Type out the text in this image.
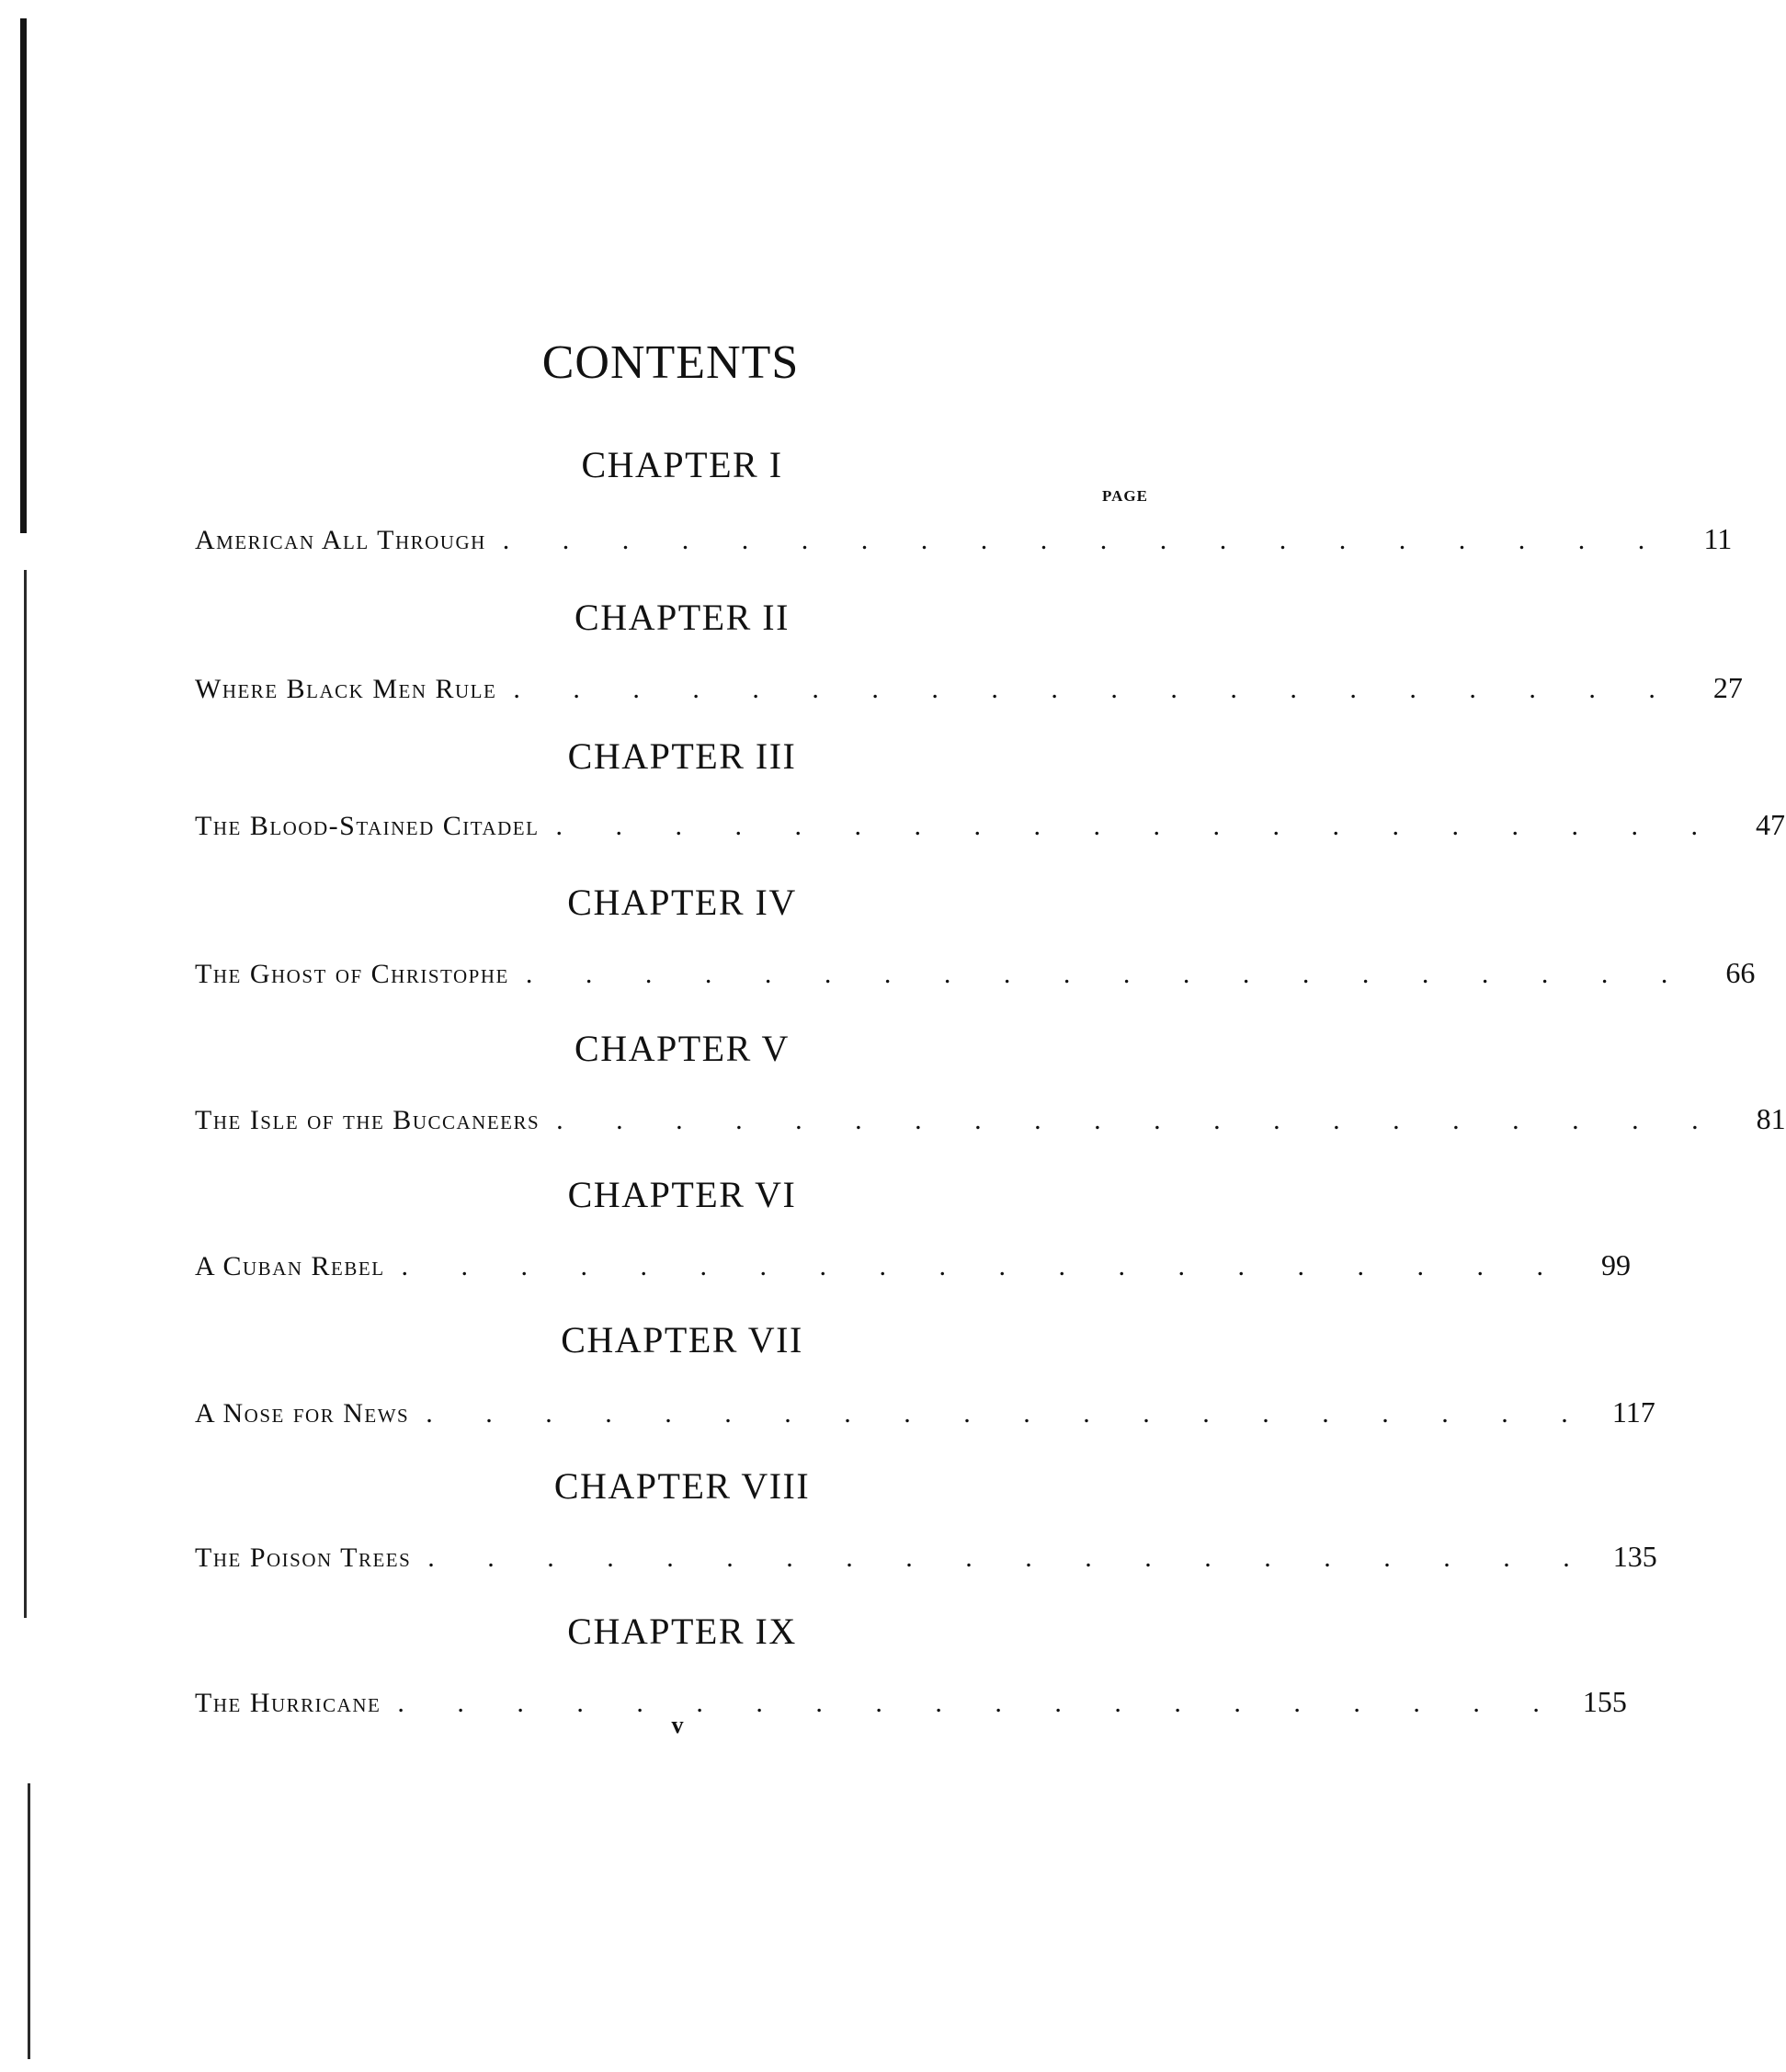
CONTENTS
PAGE
CHAPTER I
American All Through . . . . . . . . . . . . . . . . . . . .	11
CHAPTER II
Where Black Men Rule . . . . . . . . . . . . . . . . . . . .	27
CHAPTER III
The Blood-Stained Citadel . . . . . . . . . . . . . . . . . . . .	47
CHAPTER IV
The Ghost of Christophe . . . . . . . . . . . . . . . . . . . .	66
CHAPTER V
The Isle of the Buccaneers . . . . . . . . . . . . . . . . . . . .	81
CHAPTER VI
A Cuban Rebel . . . . . . . . . . . . . . . . . . . .	99
CHAPTER VII
A Nose for News . . . . . . . . . . . . . . . . . . . . 117
CHAPTER VIII
The Poison Trees . . . . . . . . . . . . . . . . . . . . 135
CHAPTER IX
The Hurricane . . . . . . . . . . . . . . . . . . . . 155
v
